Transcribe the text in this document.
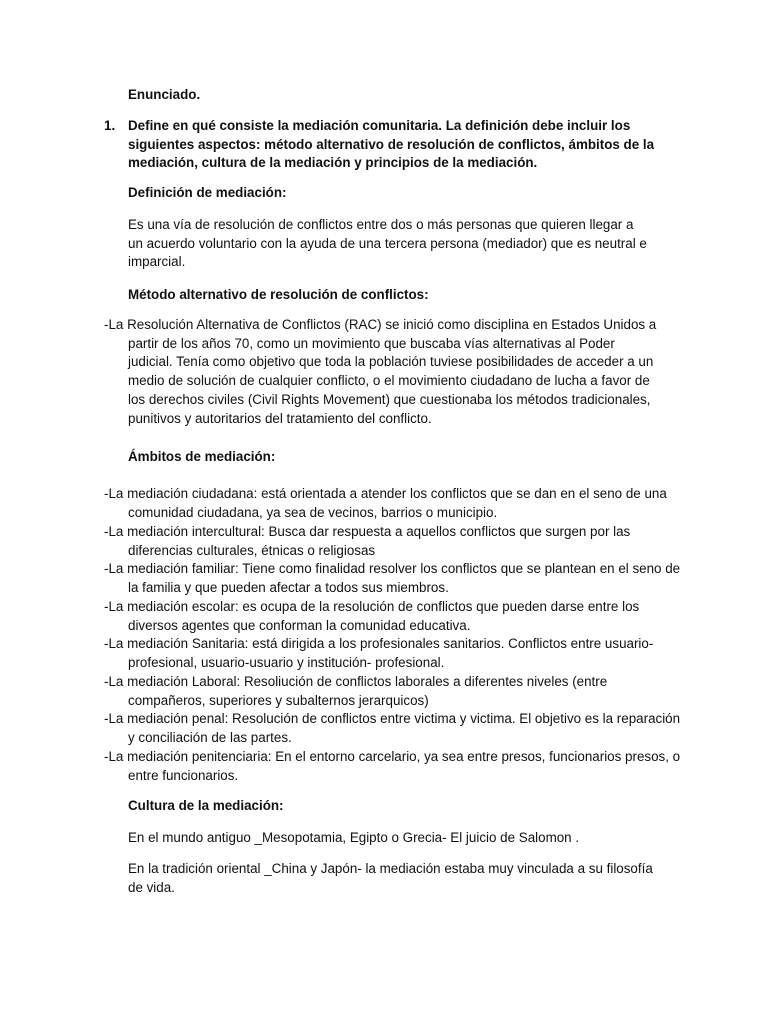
Enunciado.

1. Define en qué consiste la mediación comunitaria. La definición debe incluir los siguientes aspectos: método alternativo de resolución de conflictos, ámbitos de la mediación, cultura de la mediación y principios de la mediación.

Definición de mediación:

Es una vía de resolución de conflictos entre dos o más personas que quieren llegar a un acuerdo voluntario con la ayuda de una tercera persona (mediador) que es neutral e imparcial.

Método alternativo de resolución de conflictos:

-La Resolución Alternativa de Conflictos (RAC) se inició como disciplina en Estados Unidos a partir de los años 70, como un movimiento que buscaba vías alternativas al Poder judicial. Tenía como objetivo que toda la población tuviese posibilidades de acceder a un medio de solución de cualquier conflicto, o el movimiento ciudadano de lucha a favor de los derechos civiles (Civil Rights Movement) que cuestionaba los métodos tradicionales, punitivos y autoritarios del tratamiento del conflicto.

Ámbitos de mediación:

-La mediación ciudadana: está orientada a atender los conflictos que se dan en el seno de una comunidad ciudadana, ya sea de vecinos, barrios o municipio.

-La mediación intercultural: Busca dar respuesta a aquellos conflictos que surgen por las diferencias culturales, étnicas o religiosas

-La mediación familiar: Tiene como finalidad resolver los conflictos que se plantean en el seno de la familia y que pueden afectar a todos sus miembros.

-La mediación escolar: es ocupa de la resolución de conflictos que pueden darse entre los diversos agentes que conforman la comunidad educativa.

-La mediación Sanitaria: está dirigida a los profesionales sanitarios. Conflictos entre usuario-profesional, usuario-usuario y institución- profesional.

-La mediación Laboral: Resoliución de conflictos laborales a diferentes niveles (entre compañeros, superiores y subalternos jerarquicos)

-La mediación penal: Resolución de conflictos entre victima y victima. El objetivo es la reparación y conciliación de las partes.

-La mediación penitenciaria: En el entorno carcelario, ya sea entre presos, funcionarios presos, o entre funcionarios.

Cultura de la mediación:

En el mundo antiguo _Mesopotamia, Egipto o Grecia- El juicio de Salomon .

En la tradición oriental _China y Japón- la mediación estaba muy vinculada a su filosofía de vida.
